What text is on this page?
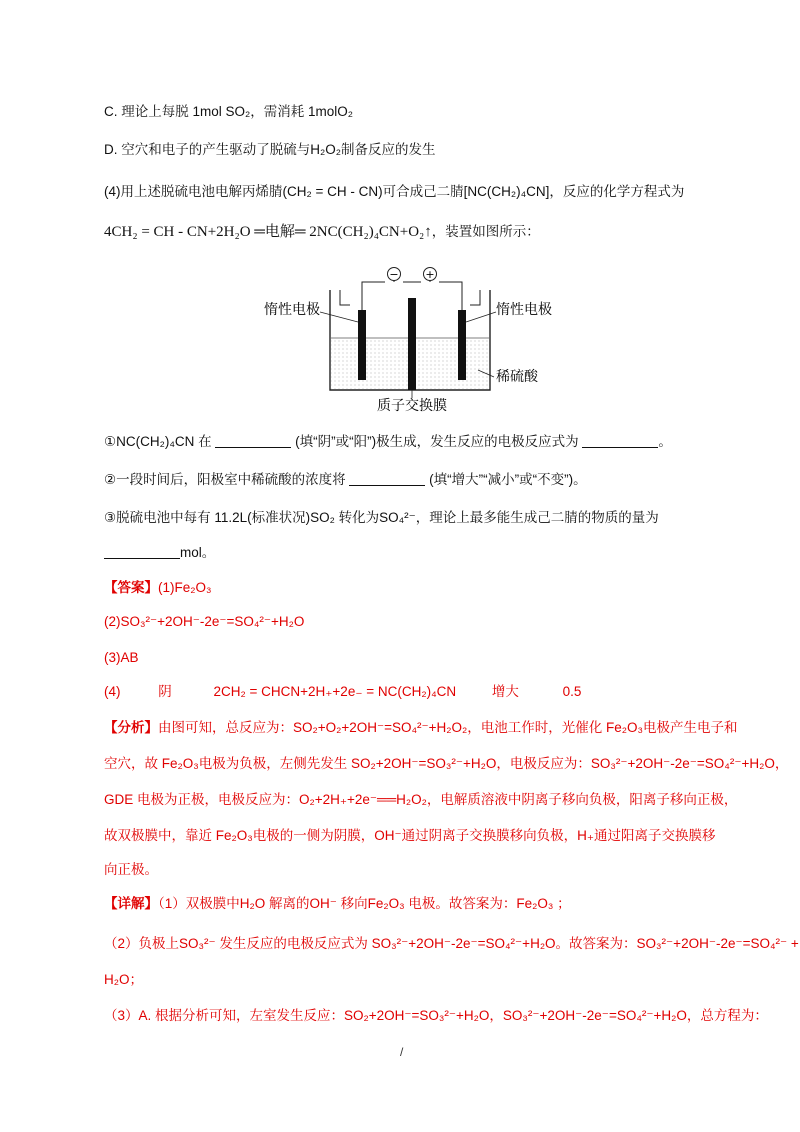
C. 理论上每脱 1mol SO₂，需消耗 1molO₂
D. 空穴和电子的产生驱动了脱硫与H₂O₂制备反应的发生
(4)用上述脱硫电池电解丙烯腈(CH₂ = CH - CN)可合成己二腈[NC(CH₂)₄CN]，反应的化学方程式为
4CH₂ = CH - CN+2H₂O ═电解═ 2NC(CH₂)₄CN+O₂↑，装置如图所示：
− +
惰性电极	惰性电极
稀硫酸
质子交换膜
①NC(CH₂)₄CN 在	(填“阴”或“阳”)极生成，发生反应的电极反应式为	。
②一段时间后，阳极室中稀硫酸的浓度将	(填“增大”“减小”或“不变”)。
③脱硫电池中每有 11.2L(标准状况)SO₂ 转化为SO₄²⁻，理论上最多能生成己二腈的物质的量为
mol。
【答案】(1)Fe₂O₃
(2)SO₃²⁻+2OH⁻-2e⁻=SO₄²⁻+H₂O
(3)AB
(4)	阴	2CH₂ = CHCN+2H₊+2e₋ = NC(CH₂)₄CN	增大	0.5
【分析】由图可知，总反应为：SO₂+O₂+2OH⁻=SO₄²⁻+H₂O₂，电池工作时，光催化 Fe₂O₃电极产生电子和
空穴，故 Fe₂O₃电极为负极，左侧先发生 SO₂+2OH⁻=SO₃²⁻+H₂O，电极反应为：SO₃²⁻+2OH⁻-2e⁻=SO₄²⁻+H₂O，
GDE 电极为正极，电极反应为：O₂+2H₊+2e⁻══H₂O₂，电解质溶液中阴离子移向负极，阳离子移向正极，
故双极膜中，靠近 Fe₂O₃电极的一侧为阴膜，OH⁻通过阴离子交换膜移向负极，H₊通过阳离子交换膜移
向正极。
【详解】（1）双极膜中H₂O 解离的OH⁻ 移向Fe₂O₃ 电极。故答案为：Fe₂O₃ ；
（2）负极上SO₃²⁻ 发生反应的电极反应式为 SO₃²⁻+2OH⁻-2e⁻=SO₄²⁻+H₂O。故答案为：SO₃²⁻+2OH⁻-2e⁻=SO₄²⁻ +
H₂O；
（3）A. 根据分析可知，左室发生反应：SO₂+2OH⁻=SO₃²⁻+H₂O，SO₃²⁻+2OH⁻-2e⁻=SO₄²⁻+H₂O，总方程为：
/
